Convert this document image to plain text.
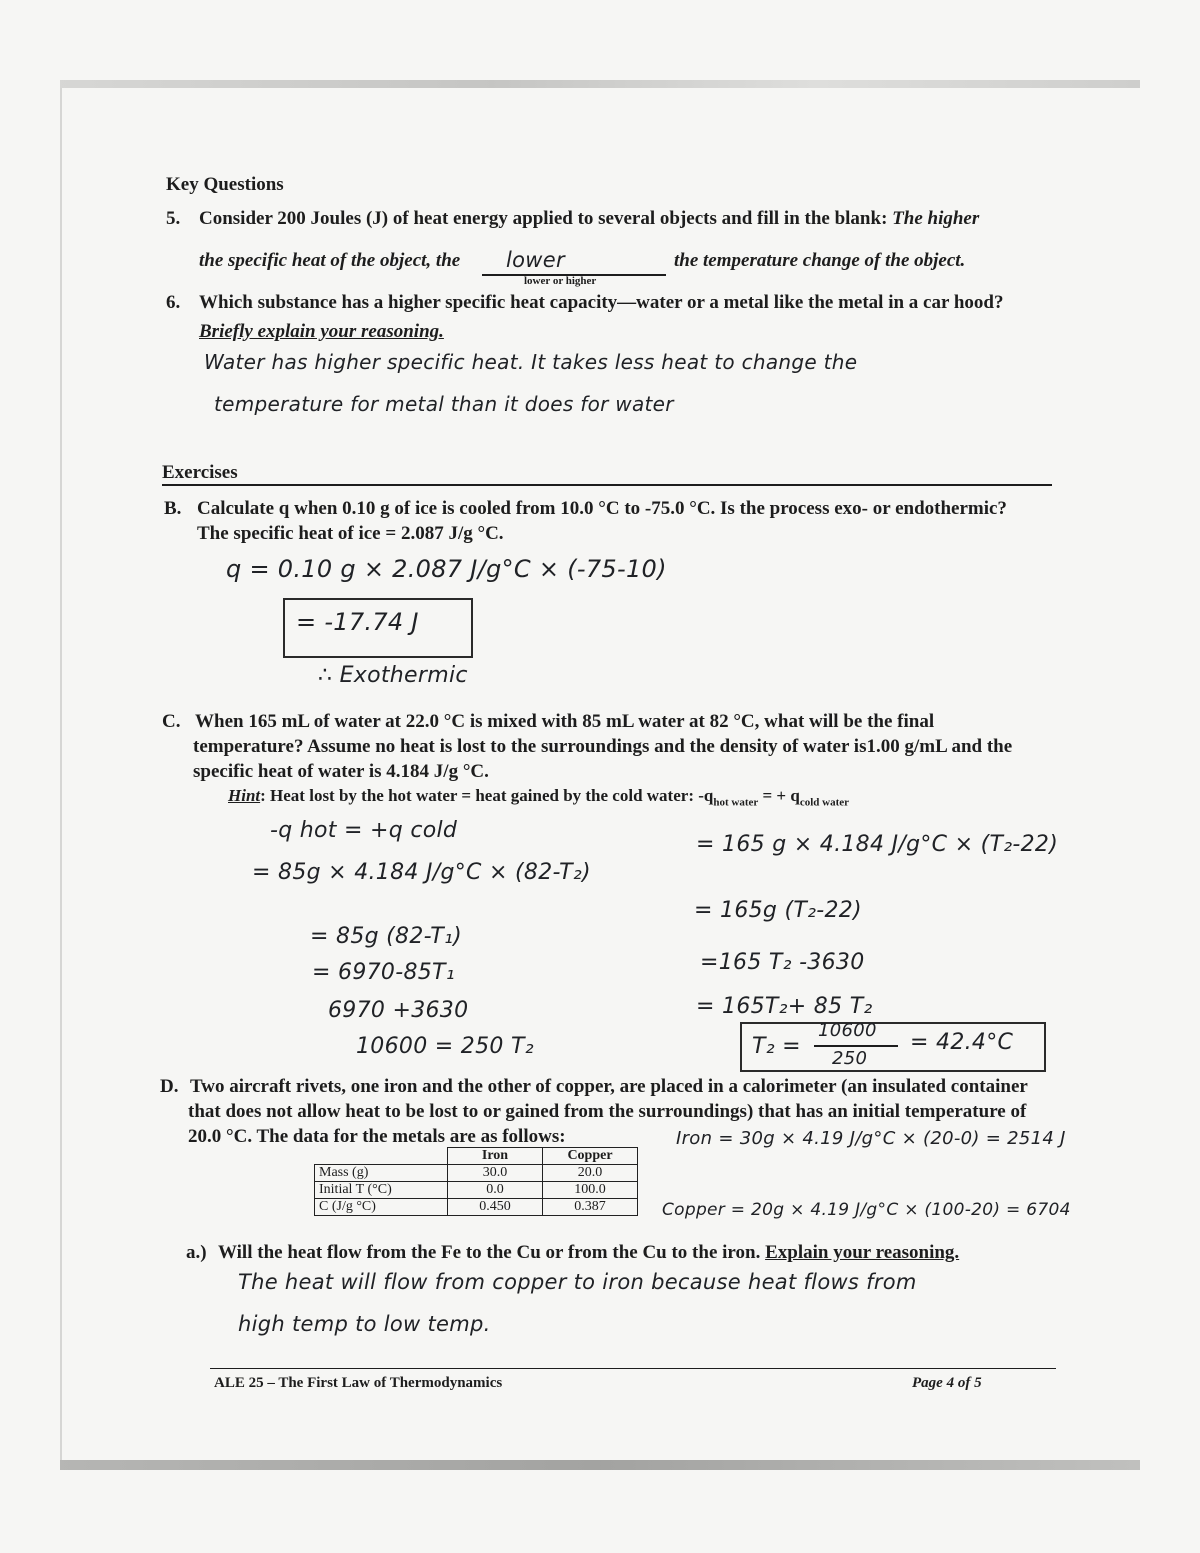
Key Questions
5. Consider 200 Joules (J) of heat energy applied to several objects and fill in the blank: The higher
the specific heat of the object, the lower
lower or higher
the temperature change of the object.
6. Which substance has a higher specific heat capacity—water or a metal like the metal in a car hood?
Briefly explain your reasoning.
Water has higher specific heat. It takes less heat to change the
temperature for metal than it does for water
Exercises
B. Calculate q when 0.10 g of ice is cooled from 10.0 °C to -75.0 °C. Is the process exo- or endothermic?
The specific heat of ice = 2.087 J/g °C.
q = 0.10 g × 2.087 J/g°C × (-75-10)
= -17.74 J
∴ Exothermic
C. When 165 mL of water at 22.0 °C is mixed with 85 mL water at 82 °C, what will be the final
temperature? Assume no heat is lost to the surroundings and the density of water is1.00 g/mL and the
specific heat of water is 4.184 J/g °C.
Hint: Heat lost by the hot water = heat gained by the cold water: $-q_{hot water}$ = + $q_{cold water}$
-q hot = +q cold
= 85g × 4.184 J/g°C × (82-T₂)
= 165 g × 4.184 J/g°C × (T₂-22)
= 85g (82-T₁)
= 165g (T₂-22)
= 6970-85T₁	=165 T₂ -3630
6970 +3630	= 165T₂+ 85 T₂
10600 = 250 T₂	T₂ =
10600
250
= 42.4°C
D. Two aircraft rivets, one iron and the other of copper, are placed in a calorimeter (an insulated container
that does not allow heat to be lost to or gained from the surroundings) that has an initial temperature of
20.0 °C. The data for the metals are as follows:
	Iron	Copper
Mass (g)	30.0	20.0
Initial T (°C)	0.0	100.0
C (J/g °C)	0.450	0.387
Iron = 30g × 4.19 J/g°C × (20-0) = 2514 J
Copper = 20g × 4.19 J/g°C × (100-20) = 6704
a.) Will the heat flow from the Fe to the Cu or from the Cu to the iron. Explain your reasoning.
The heat will flow from copper to iron because heat flows from
high temp to low temp.
ALE 25 – The First Law of Thermodynamics	Page 4 of 5
